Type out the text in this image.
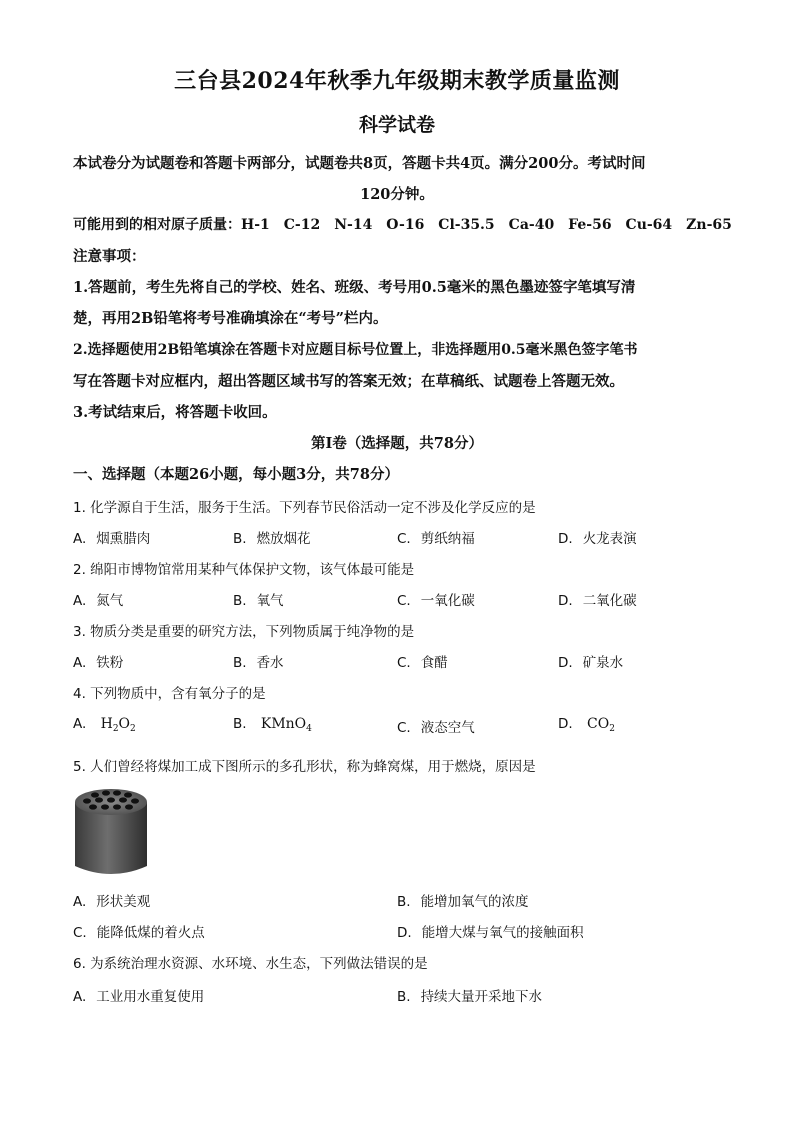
三台县2024年秋季九年级期末教学质量监测
科学试卷
本试卷分为试题卷和答题卡两部分，试题卷共8页，答题卡共4页。满分200分。考试时间
120分钟。
可能用到的相对原子质量：H-1　C-12　N-14　O-16　Cl-35.5　Ca-40　Fe-56　Cu-64　Zn-65
注意事项：
1.答题前，考生先将自己的学校、姓名、班级、考号用0.5毫米的黑色墨迹签字笔填写清
楚，再用2B铅笔将考号准确填涂在“考号”栏内。
2.选择题使用2B铅笔填涂在答题卡对应题目标号位置上，非选择题用0.5毫米黑色签字笔书
写在答题卡对应框内，超出答题区域书写的答案无效；在草稿纸、试题卷上答题无效。
3.考试结束后，将答题卡收回。
第Ⅰ卷（选择题，共78分）
一、选择题（本题26小题，每小题3分，共78分）
1. 化学源自于生活，服务于生活。下列春节民俗活动一定不涉及化学反应的是
A. 烟熏腊肉	B. 燃放烟花	C. 剪纸纳福	D. 火龙表演
2. 绵阳市博物馆常用某种气体保护文物，该气体最可能是
A. 氮气	B. 氧气	C. 一氧化碳	D. 二氧化碳
3. 物质分类是重要的研究方法，下列物质属于纯净物的是
A. 铁粉	B. 香水	C. 食醋	D. 矿泉水
4. 下列物质中，含有氧分子的是
A. $H_2O_2$	B. KMnO$_4$	C. 液态空气	D. $CO_2$
5. 人们曾经将煤加工成下图所示的多孔形状，称为蜂窝煤，用于燃烧，原因是
A. 形状美观	B. 能增加氧气的浓度
C. 能降低煤的着火点	D. 能增大煤与氧气的接触面积
6. 为系统治理水资源、水环境、水生态，下列做法错误的是
A. 工业用水重复使用	B. 持续大量开采地下水
